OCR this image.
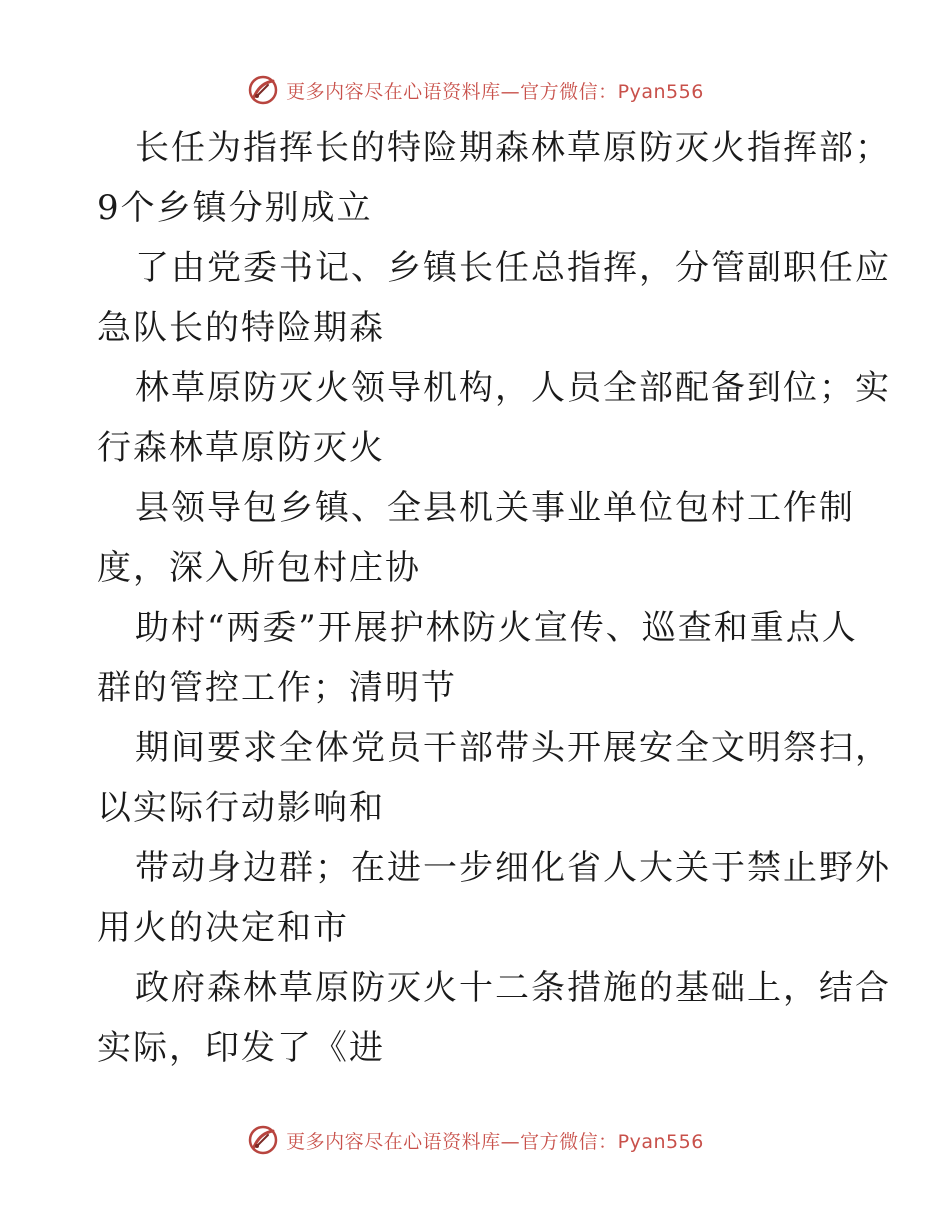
更多内容尽在心语资料库—官方微信：Pyan556
长任为指挥长的特险期森林草原防灭火指挥部；
9个乡镇分别成立
了由党委书记、乡镇长任总指挥，分管副职任应
急队长的特险期森
林草原防灭火领导机构，人员全部配备到位；实
行森林草原防灭火
县领导包乡镇、全县机关事业单位包村工作制
度，深入所包村庄协
助村“两委”开展护林防火宣传、巡查和重点人
群的管控工作；清明节
期间要求全体党员干部带头开展安全文明祭扫，
以实际行动影响和
带动身边群；在进一步细化省人大关于禁止野外
用火的决定和市
政府森林草原防灭火十二条措施的基础上，结合
实际，印发了《进
更多内容尽在心语资料库—官方微信：Pyan556
